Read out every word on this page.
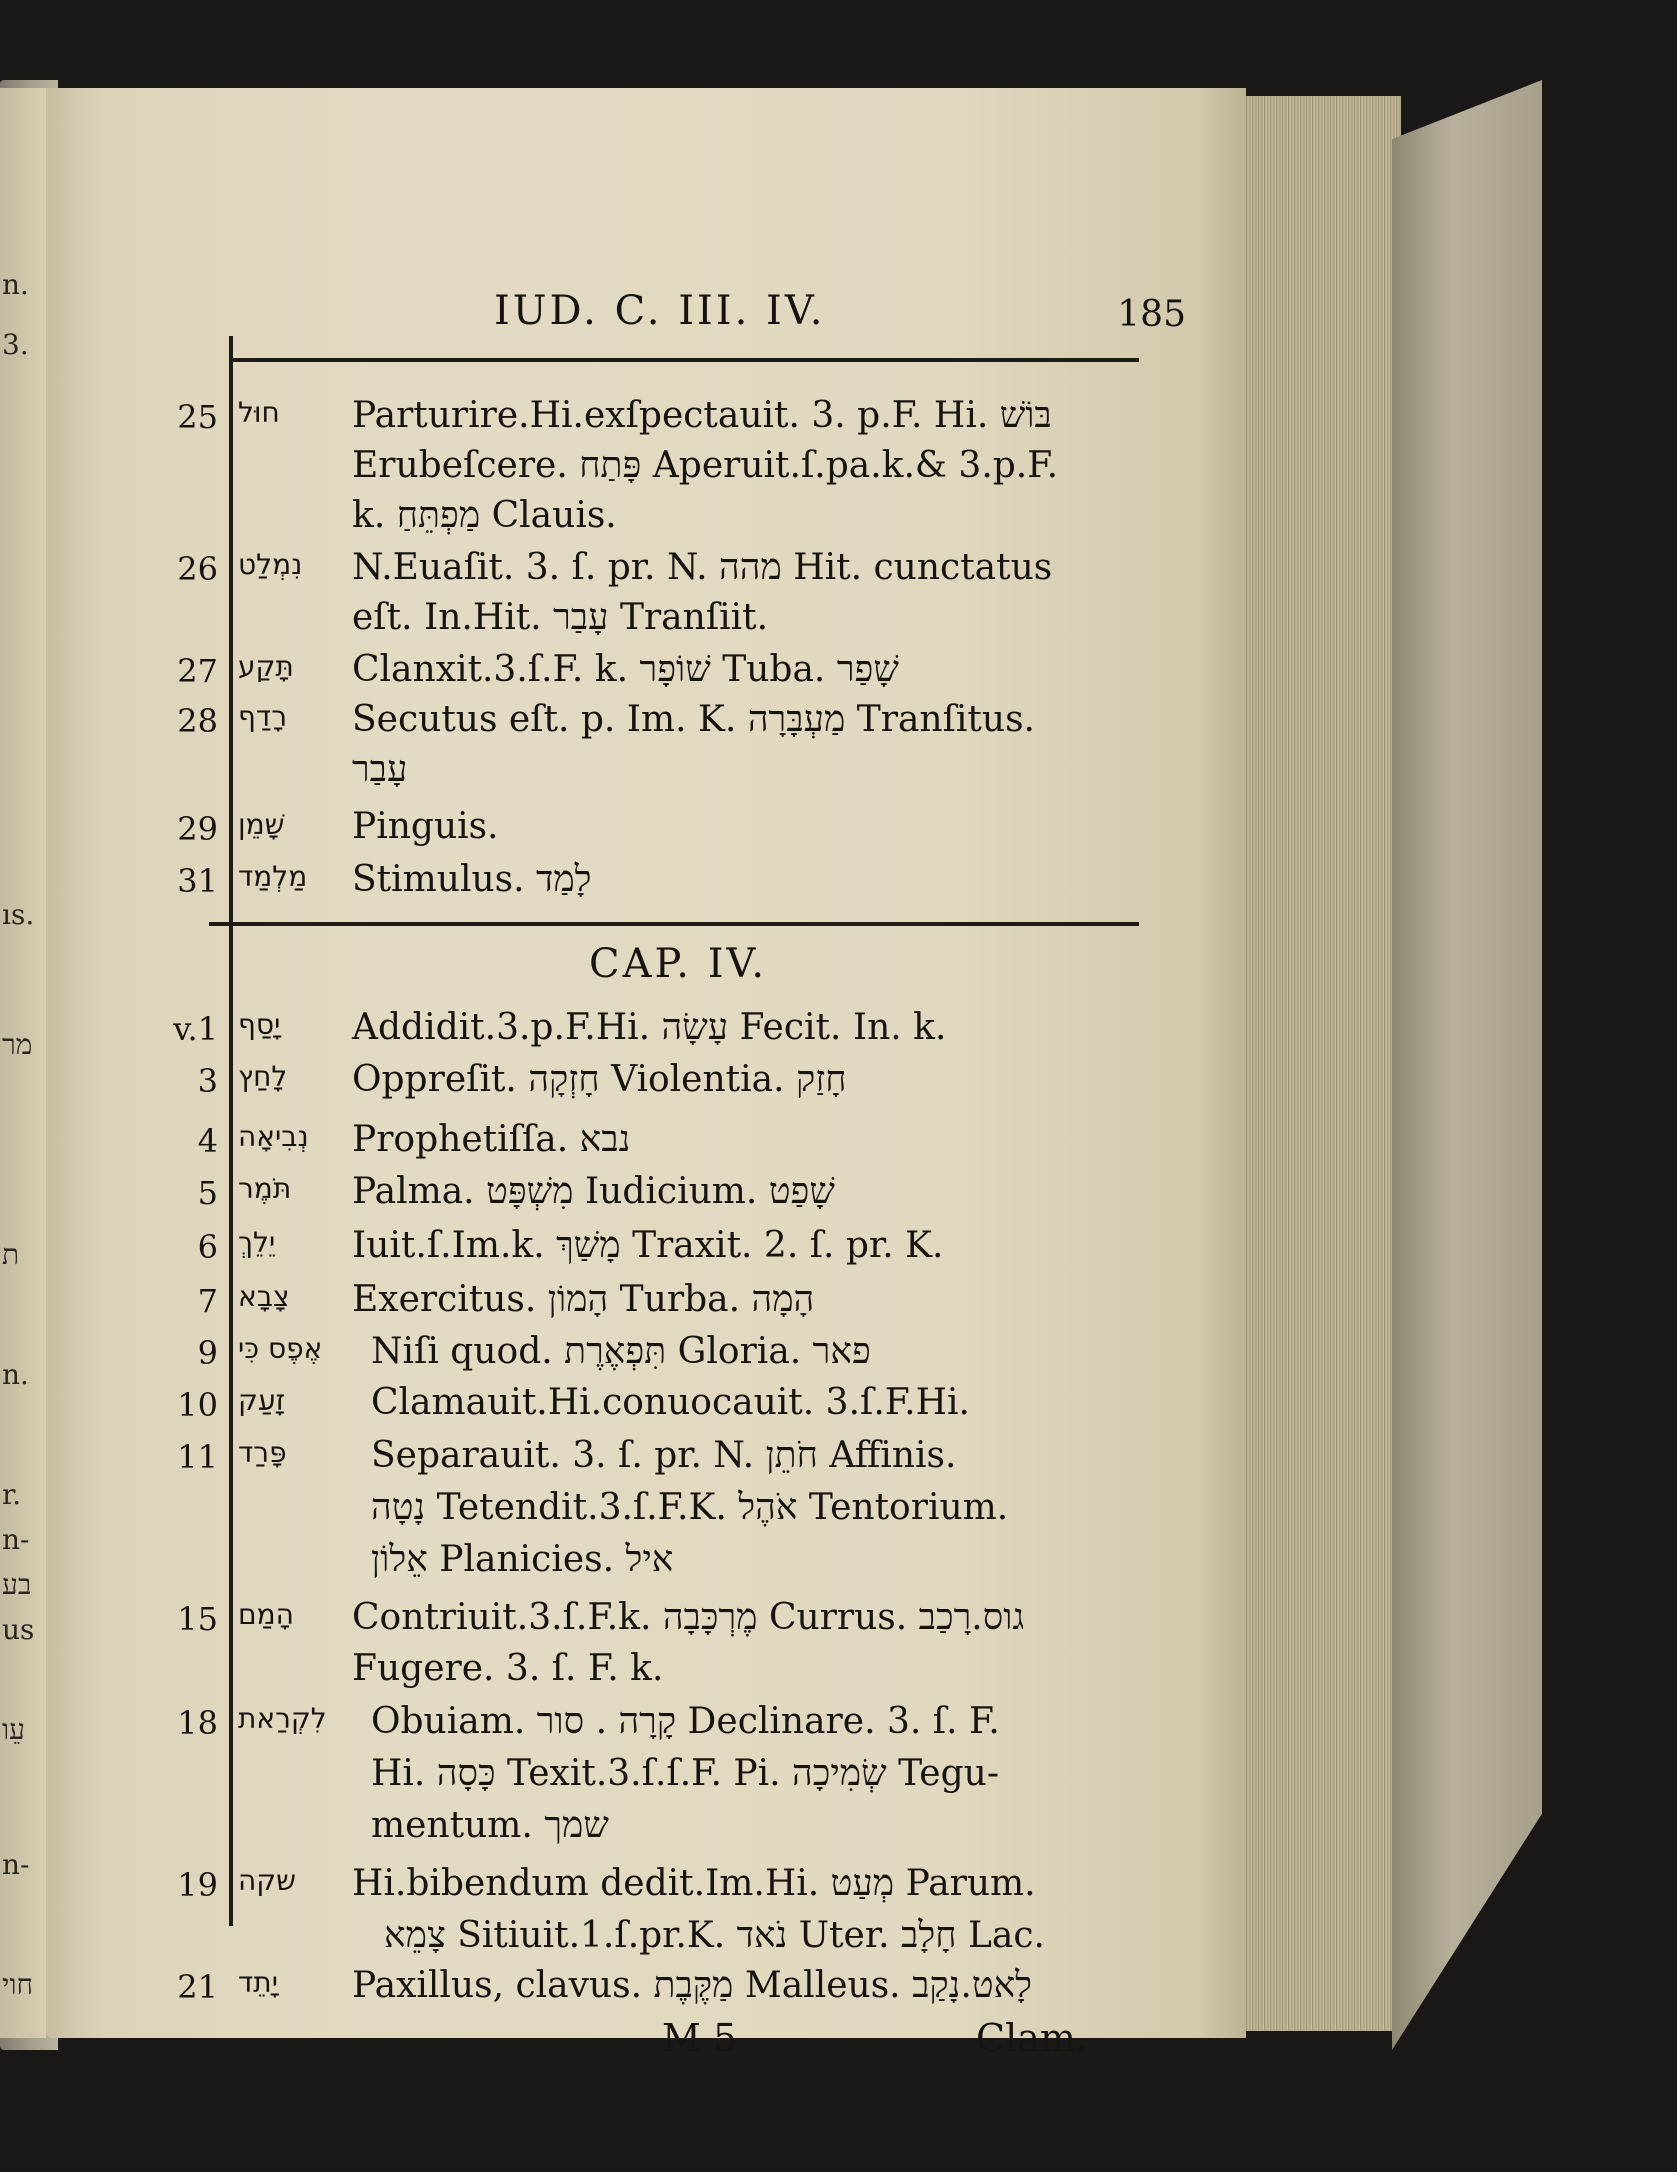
n.
3.
ıs.
מר
ת
n.
r.
n-
בע
us
עֵו
n-
חוי
IUD. C. III. IV.	185
25 חוּל	Parturire.Hi.exſpectauit. 3. p.F. Hi. בּוֹשׁ
Erubeſcere. פָּתַח Aperuit.ſ.pa.k.& 3.p.F.
k. מַפְתֵּחַ Clauis.
26 נִמְלַט	N.Euaſit. 3. ſ. pr. N. מהה Hit. cunctatus
eſt. In.Hit. עָבַר Tranſiit.
27 תָּקַע	Clanxit.3.ſ.F. k. שׁוֹפָר Tuba. שָׁפַר
28 רָדַף	Secutus eſt. p. Im. K. מַעְבָּרָה Tranſitus.
עָבַר
29 שָׁמֵן	Pinguis.
31 מַלְמַד	Stimulus. לָמַד
CAP. IV.
v.1 יָסַף	Addidit.3.p.F.Hi. עָשָׂה Fecit. In. k.
3 לָחַץ	Oppreſit. חָזְקָה Violentia. חָזַק
4 נְבִיאָה	Prophetiſſa. נבא
5 תֹּמֶר	Palma. מִשְׁפָּט Iudicium. שָׁפַט
6 יֵלֵךְ	Iuit.ſ.Im.k. מָשַׁךְ Traxit. 2. ſ. pr. K.
7 צָבָא	Exercitus. הָמוֹן Turba. הָמָה
9 אֶפֶס כִּי	Niſi quod. תִּפְאֶרֶת Gloria. פאר
10 זָעַק	Clamauit.Hi.conuocauit. 3.ſ.F.Hi.
11 פָּרַד	Separauit. 3. ſ. pr. N. חֹתֵן Affinis.
נָטָה Tetendit.3.ſ.F.K. אֹהֶל Tentorium.
אֵלוֹן Planicies. איל
15 הָמַם	Contriuit.3.ſ.F.k. מֶרְכָּבָה Currus. גוס.רָכַב
Fugere. 3. ſ. F. k.
18 לִקְרַאת	Obuiam. קָרָה . סור Declinare. 3. ſ. F.
Hi. כָּסָה Texit.3.ſ.ſ.F. Pi. שְׂמִיכָה Tegu-
mentum. שמך
19 שקה	Hi.bibendum dedit.Im.Hi. מְעַט Parum.
צָמֵא Sitiuit.1.ſ.pr.K. נֹאד Uter. חָלָב Lac.
21 יָתֵד	Paxillus, clavus. מַקֶּבֶת Malleus. לָאט.נָקַב
M 5	Clam.
